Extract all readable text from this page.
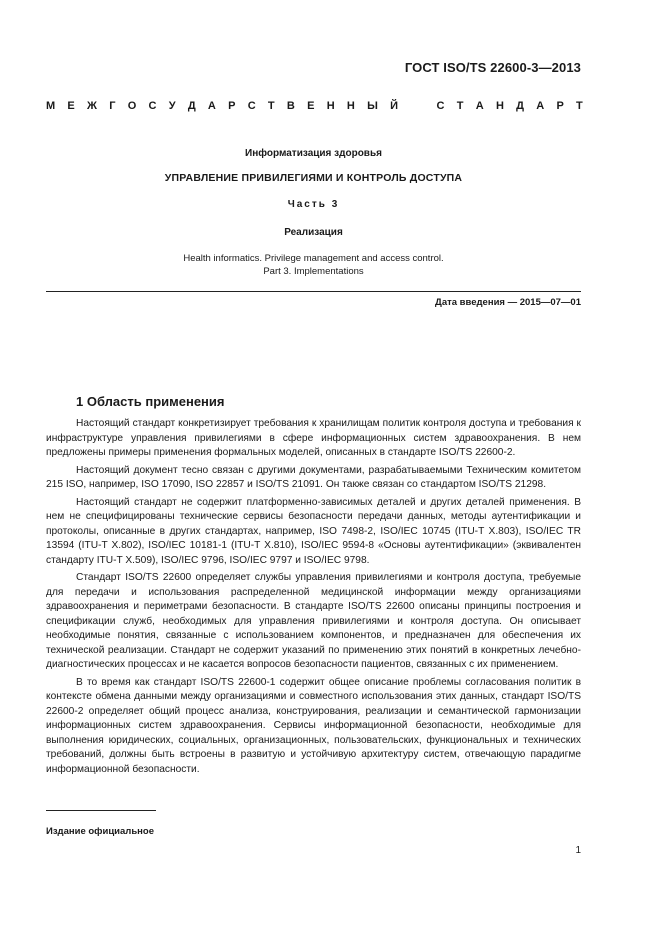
ГОСТ ISO/TS 22600-3—2013
М Е Ж Г О С У Д А Р С Т В Е Н Н Ы Й	С Т А Н Д А Р Т
Информатизация здоровья
УПРАВЛЕНИЕ ПРИВИЛЕГИЯМИ И КОНТРОЛЬ ДОСТУПА
Часть 3
Реализация
Health informatics. Privilege management and access control.
Part 3. Implementations
Дата введения — 2015—07—01
1 Область применения

Настоящий стандарт конкретизирует требования к хранилищам политик контроля доступа и требования к инфраструктуре управления привилегиями в сфере информационных систем здравоохранения. В нем предложены примеры применения формальных моделей, описанных в стандарте ISO/TS 22600-2.

Настоящий документ тесно связан с другими документами, разрабатываемыми Техническим комитетом 215 ISO, например, ISO 17090, ISO 22857 и ISO/TS 21091. Он также связан со стандартом ISO/TS 21298.

Настоящий стандарт не содержит платформенно-зависимых деталей и других деталей применения. В нем не специфицированы технические сервисы безопасности передачи данных, методы аутентификации и протоколы, описанные в других стандартах, например, ISO 7498-2, ISO/IEC 10745 (ITU-T X.803), ISO/IEC TR 13594 (ITU-T X.802), ISO/IEC 10181-1 (ITU-T X.810), ISO/IEC 9594-8 «Основы аутентификации» (эквивалентен стандарту ITU-T X.509), ISO/IEC 9796, ISO/IEC 9797 и ISO/IEC 9798.

Стандарт ISO/TS 22600 определяет службы управления привилегиями и контроля доступа, требуемые для передачи и использования распределенной медицинской информации между организациями здравоохранения и периметрами безопасности. В стандарте ISO/TS 22600 описаны принципы построения и спецификации служб, необходимых для управления привилегиями и контроля доступа. Он описывает необходимые понятия, связанные с использованием компонентов, и предназначен для обеспечения их технической реализации. Стандарт не содержит указаний по применению этих понятий в конкретных лечебно-диагностических процессах и не касается вопросов безопасности пациентов, связанных с их применением.

В то время как стандарт ISO/TS 22600-1 содержит общее описание проблемы согласования политик в контексте обмена данными между организациями и совместного использования этих данных, стандарт ISO/TS 22600-2 определяет общий процесс анализа, конструирования, реализации и семантической гармонизации информационных систем здравоохранения. Сервисы информационной безопасности, необходимые для выполнения юридических, социальных, организационных, пользовательских, функциональных и технических требований, должны быть встроены в развитую и устойчивую архитектуру систем, отвечающую парадигме информационной безопасности.

Издание официальное
1
